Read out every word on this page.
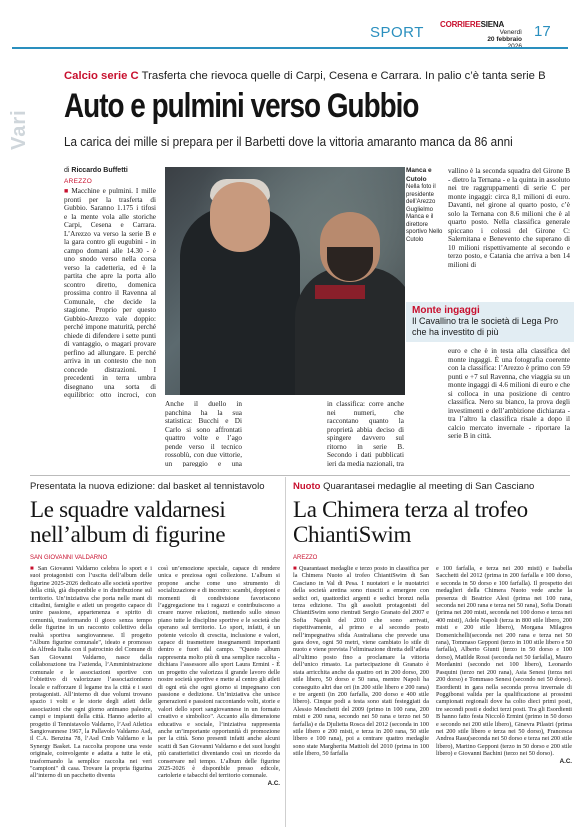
SPORT CORRIERESIENA
Venerdì
20 febbraio 17
Vari
Calcio serie C Trasferta che rievoca quelle di Carpi, Cesena e Carrara. In palio c’è tanta serie B
Auto e pulmini verso Gubbio
La carica dei mille si prepara per il Barbetti dove la vittoria amaranto manca da 86 anni
di Riccardo Buffetti
AREZZO
■ Macchine e pulmini. I mille pronti per la trasferta di Gubbio. Saranno 1.175 i tifosi e la mente vola alle storiche Carpi, Cesena e Carrara. L’Arezzo va verso la serie B e la gara contro gli eugubini - in campo domani alle 14.30 - è uno snodo verso nella corsa verso la cadetteria, ed è la partita che apre la porta allo scontro diretto, domenica prossima contro il Ravenna al Comunale, che decide la stagione. Proprio per questo Gubbio-Arezzo vale doppio: perché impone maturità, perché chiede di difendere i sette punti di vantaggio, o magari provare perfino ad allungare. E perché arriva in un contesto che non concede distrazioni. I precedenti in terra umbra disegnano una sorta di equilibrio: otto incroci, con
Manca e Cutolo
Nella foto il presidente dell’Arezzo Guglielmo Manca e il direttore sportivo Nello Cutolo
vallino è la seconda squadra del Girone B - dietro la Ternana - e la quinta in assoluto nei tre raggruppamenti di serie C per monte ingaggi: circa 8,1 milioni di euro. Davanti, nel girone al quarto posto, c’è solo la Ternana con 8.6 milioni che è al quarto posto. Nella classifica generale spiccano i colossi del Girone C: Salernitana e Benevento che superano di 10 milioni rispettivamente al secondo e terzo posto, e Catania che arriva a ben 14 milioni di
Monte ingaggi
Il Cavallino tra le società di Lega Pro che ha investito di più
euro e che è in testa alla classifica del monte ingaggi. È una fotografia coerente con la classifica: l’Arezzo è primo con 59 punti e +7 sul Ravenna, che viaggia su un monte ingaggi di 4.6 milioni di euro e che si colloca in una posizione di centro classifica. Nero su bianco, la prova degli investimenti e dell’ambizione dichiarata - tra l’altro la classifica risale a dopo il calcio mercato invernale - riportare la serie B in città.
Anche il duello in panchina ha la sua statistica: Bucchi e Di Carlo si sono affrontati quattro volte e l’ago pende verso il tecnico rossoblù, con due vittorie, un pareggio e una
in classifica: corre anche nei numeri, che raccontano quanto la proprietà abbia deciso di spingere davvero sul ritorno in serie B. Secondo i dati pubblicati ieri da media nazionali, tra
Presentata la nuova edizione: dal basket al tennistavolo
Le squadre valdarnesi nell’album di figurine
SAN GIOVANNI VALDARNO
■ San Giovanni Valdarno celebra lo sport e i suoi protagonisti con l’uscita dell’album delle figurine 2025-2026 dedicato alle società sportive della città, già disponibile e in distribuzione sul territorio. Un’iniziativa che porta nelle mani di cittadini, famiglie e atleti un progetto capace di unire passione, appartenenza e spirito di comunità, trasformando il gioco senza tempo delle figurine in un racconto collettivo della realtà sportiva sangiovannese. Il progetto "Album figurine comunale", ideato e promosso da Alfreda Italia con il patrocinio del Comune di San Giovanni Valdarno, nasce dalla collaborazione tra l’azienda, l’Amministrazione comunale e le associazioni sportive con l’obiettivo di valorizzare l’associazionismo locale e rafforzare il legame tra la città e i suoi protagonisti. All’interno di due volumi trovano spazio i volti e le storie degli atleti delle associazioni che ogni giorno animano palestre, campi e impianti della città. Hanno aderito al progetto il Tennistavolo Valdarno, l’Asd Atletica Sangiovannese 1967, la Pallavolo Valdarno Asd, il C.A. Benzina 78, l’Asd Cmb Valdarno e la Synergy Basket. La raccolta propone una veste originale, coinvolgente e adatta a tutte le età, trasformando la semplice raccolta nei veri "campioni" di casa. Trovare la propria figurina all’interno di un pacchetto diventa
così un’emozione speciale, capace di rendere unica e preziosa ogni collezione. L’album si propone anche come uno strumento di socializzazione e di incontro: scambi, doppioni e momenti di condivisione favoriscono l’aggregazione tra i ragazzi e contribuiscono a creare nuove relazioni, mettendo sullo stesso piano tutte le discipline sportive e le società che operano sul territorio. Lo sport, infatti, è un potente veicolo di crescita, inclusione e valori, capace di trasmettere insegnamenti importanti dentro e fuori dal campo. "Questo album rappresenta molto più di una semplice raccolta - dichiara l’assessore allo sport Laura Ermini - È un progetto che valorizza il grande lavoro delle nostre società sportive e mette al centro gli atleti di ogni età che ogni giorno si impegnano con passione e dedizione. Un’iniziativa che unisce generazioni e passioni raccontando volti, storie e valori dello sport sangiovannese in un formato creativo e simbolico". Accanto alla dimensione educativa e sociale, l’iniziativa rappresenta anche un’importante opportunità di promozione per la città. Sono presenti infatti anche alcuni scatti di San Giovanni Valdarno e dei suoi luoghi più caratteristici diventando così un ricordo da conservare nel tempo. L’album delle figurine 2025-2026 è disponibile presso edicole, cartolerie e tabacchi del territorio comunale.
A.C.
Nuoto Quarantasei medaglie al meeting di San Casciano
La Chimera terza al trofeo ChiantiSwim
AREZZO
■ Quarantasei medaglie e terzo posto in classifica per la Chimera Nuoto al trofeo ChiantiSwim di San Casciano in Val di Pesa. I nuotatori e le nuotatrici della società aretina sono riusciti a emergere con sedici ori, quattordici argenti e sedici bronzi nella terza edizione. Tra gli assoluti protagonisti del ChiantiSwim sono rientrati Sergio Granato del 2007 e Sofia Napoli del 2010 che sono arrivati, rispettivamente, al primo e al secondo posto nell’impegnativa sfida Australiana che prevede una gara dove, ogni 50 metri, viene cambiato lo stile di nuoto e viene prevista l’eliminazione diretta dell’atleta all’ultimo posto fino a proclamare la vittoria dell’unico rimasto. La partecipazione di Granato è stata arricchita anche da quattro ori in 200 dorso, 200 stile libero, 50 dorso e 50 rana, mentre Napoli ha conseguito altri due ori (in 200 stile libero e 200 rana) e tre argenti (in 200 farfalla, 200 dorso e 400 stile libero). Cinque podi a testa sono stati festeggiati da Alessio Menchetti del 2009 (primo in 100 rana, 200 misti e 200 rana, secondo nei 50 rana e terzo nei 50 farfalla) e da Djulietta Rosca del 2012 (seconda in 100 stile libero e 200 misti, e terza in 200 rana, 50 stile libero e 100 rana), poi a centrare quattro medaglie sono state Margherita Mattioli del 2010 (prima in 100 stile libero, 50 farfalla
e 100 farfalla, e terza nei 200 misti) e Isabella Sacchetti del 2012 (prima in 200 farfalla e 100 dorso, e seconda in 50 dorso e 100 farfalla). Il prospetto dei medaglieri della Chimera Nuoto vede anche la presenza di Beatrice Alesi (prima nei 100 rana, seconda nei 200 rana e terza nei 50 rana), Sofia Donati (prima nei 200 misti, seconda nei 100 dorso e terza nei 400 misti), Adele Napoli (terza in 800 stile libero, 200 misti e 200 stile libero), Morgana Milagros Domenichelli(seconda nei 200 rana e terza nei 50 rana), Tommaso Gepponi (terzo in 100 stile libero e 50 farfalla), Alberto Giunti (terzo in 50 dorso e 100 dorso), Matilde Rossi (seconda nei 50 farfalla), Mauro Mordanini (secondo nei 100 libero), Leonardo Pasquini (terzo nei 200 rana), Asia Senesi (terza nei 200 dorso) e Tommaso Senesi (secondo nei 50 dorso). Esordienti in gara nella seconda prova invernale di Poggibonsi valida per la qualificazione ai prossimi campionati regionali dove ha colto dieci primi posti, tre secondi posti e dodici terzi posti. Tra gli Esordienti B hanno fatto festa Niccolò Ermini (primo in 50 dorso e secondo nei 200 stile libero), Ginevra Pilastri (prima nei 200 stile libero e terza nei 50 dorso), Francesca Andrea Rasu(seconda nei 50 dorso e terza nei 200 stile libero), Martino Gepponi (terzo in 50 dorso e 200 stile libero) e Giovanni Bachini (terzo nei 50 dorso).
A.C.
